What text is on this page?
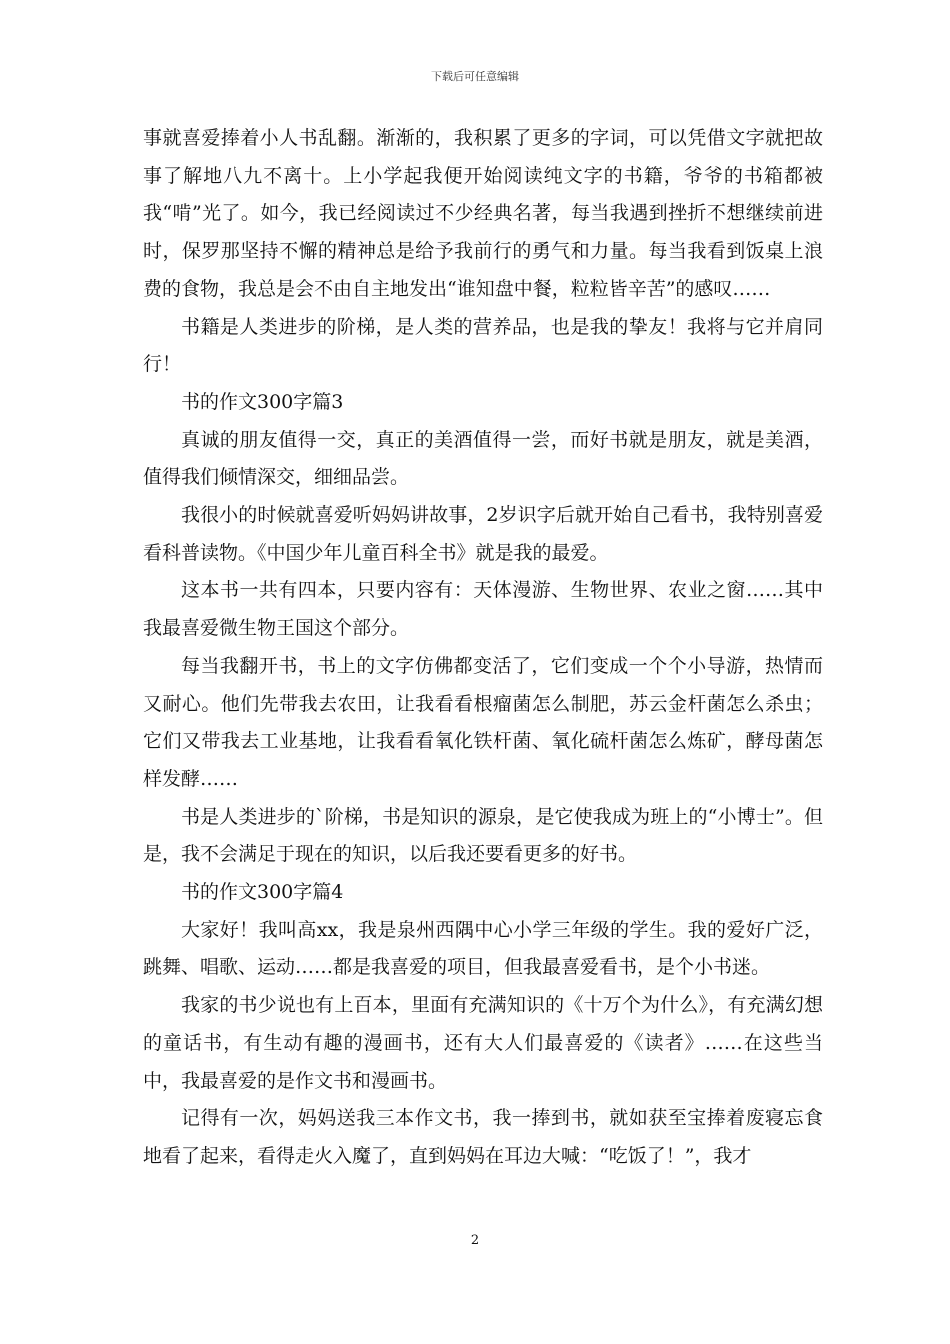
下载后可任意编辑

事就喜爱捧着小人书乱翻。渐渐的，我积累了更多的字词，可以凭借文字就把故事了解地八九不离十。上小学起我便开始阅读纯文字的书籍，爷爷的书箱都被我“啃”光了。如今，我已经阅读过不少经典名著，每当我遇到挫折不想继续前进时，保罗那坚持不懈的精神总是给予我前行的勇气和力量。每当我看到饭桌上浪费的食物，我总是会不由自主地发出“谁知盘中餐，粒粒皆辛苦”的感叹……

书籍是人类进步的阶梯，是人类的营养品，也是我的挚友！我将与它并肩同行！

书的作文300字篇3

真诚的朋友值得一交，真正的美酒值得一尝，而好书就是朋友，就是美酒，值得我们倾情深交，细细品尝。

我很小的时候就喜爱听妈妈讲故事，2岁识字后就开始自己看书，我特别喜爱看科普读物。《中国少年儿童百科全书》就是我的最爱。

这本书一共有四本，只要内容有：天体漫游、生物世界、农业之窗……其中我最喜爱微生物王国这个部分。

每当我翻开书，书上的文字仿佛都变活了，它们变成一个个小导游，热情而又耐心。他们先带我去农田，让我看看根瘤菌怎么制肥，苏云金杆菌怎么杀虫；它们又带我去工业基地，让我看看氧化铁杆菌、氧化硫杆菌怎么炼矿，酵母菌怎样发酵……

书是人类进步的`阶梯，书是知识的源泉，是它使我成为班上的“小博士”。但是，我不会满足于现在的知识，以后我还要看更多的好书。

书的作文300字篇4

大家好！我叫高xx，我是泉州西隅中心小学三年级的学生。我的爱好广泛，跳舞、唱歌、运动……都是我喜爱的项目，但我最喜爱看书，是个小书迷。

我家的书少说也有上百本，里面有充满知识的《十万个为什么》，有充满幻想的童话书，有生动有趣的漫画书，还有大人们最喜爱的《读者》……在这些当中，我最喜爱的是作文书和漫画书。

记得有一次，妈妈送我三本作文书，我一捧到书，就如获至宝捧着废寝忘食地看了起来，看得走火入魔了，直到妈妈在耳边大喊：“吃饭了！”，我才

2
